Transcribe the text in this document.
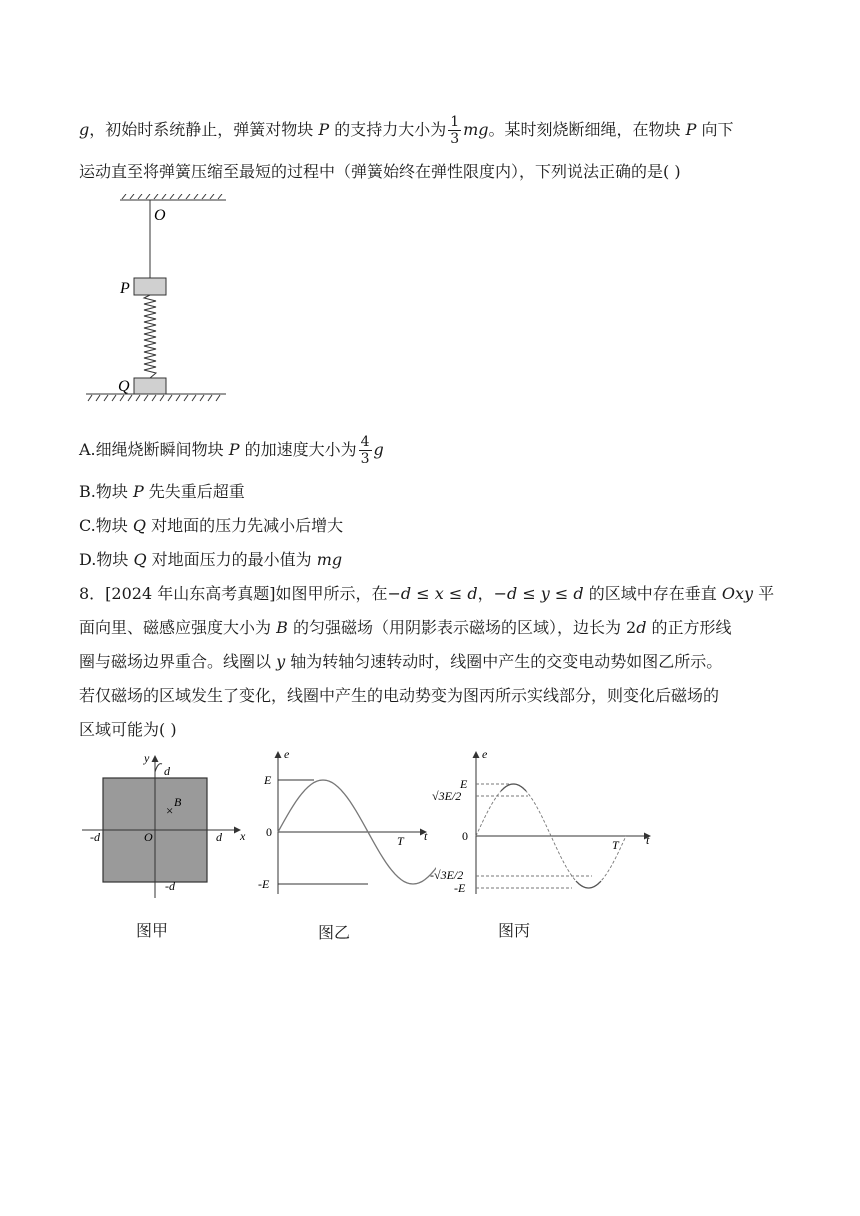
g，初始时系统静止，弹簧对物块 P 的支持力大小为 $\frac{1}{3}$ mg。某时刻烧断细绳，在物块 P 向下
运动直至将弹簧压缩至最短的过程中（弹簧始终在弹性限度内），下列说法正确的是( )
O
P
Q
A.细绳烧断瞬间物块 P 的加速度大小为 $\frac{4}{3}$ g
B.物块 P 先失重后超重
C.物块 Q 对地面的压力先减小后增大
D.物块 Q 对地面压力的最小值为 mg
8．[2024 年山东高考真题]如图甲所示，在−d ≤ x ≤ d，−d ≤ y ≤ d 的区域中存在垂直 Oxy 平
面向里、磁感应强度大小为 B 的匀强磁场（用阴影表示磁场的区域），边长为 2d 的正方形线
圈与磁场边界重合。线圈以 y 轴为转轴匀速转动时，线圈中产生的交变电动势如图乙所示。
若仅磁场的区域发生了变化，线圈中产生的电动势变为图丙所示实线部分，则变化后磁场的
区域可能为( )
y
d
B
×
-d	O	d x
-d
图甲
e
E
0
T t
-E
图乙
e
E
√3E/2
0
T t
-√3E/2
-E
图丙
